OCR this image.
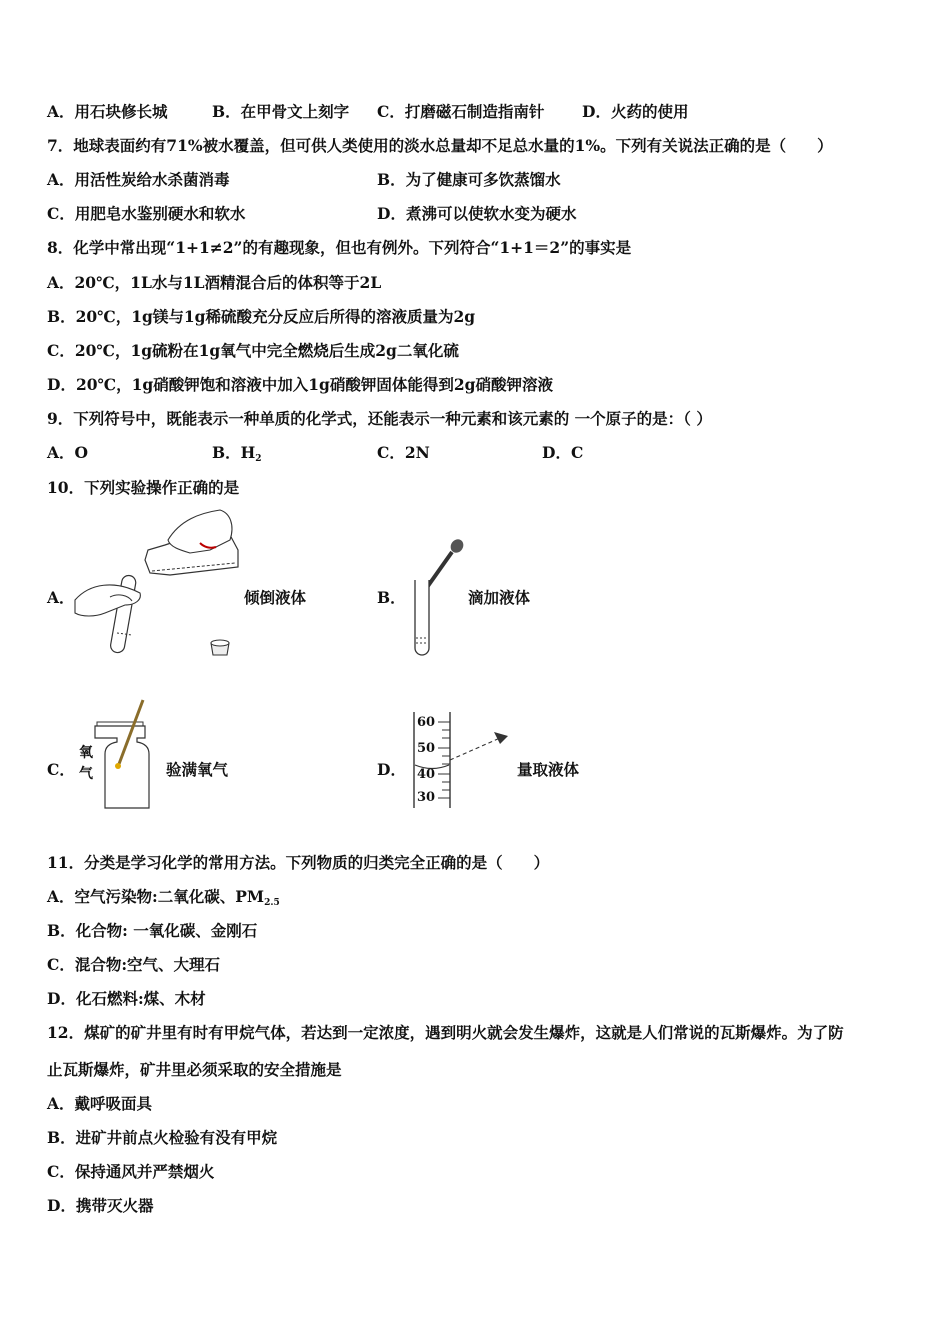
A．用石块修长城	B．在甲骨文上刻字 C．打磨磁石制造指南针 D．火药的使用
7．地球表面约有71%被水覆盖，但可供人类使用的淡水总量却不足总水量的1%。下列有关说法正确的是（　　）
A．用活性炭给水杀菌消毒	B．为了健康可多饮蒸馏水
C．用肥皂水鉴别硬水和软水	D．煮沸可以使软水变为硬水
8．化学中常出现“1+1≠2”的有趣现象，但也有例外。下列符合“1+1＝2”的事实是
A．20℃，1L水与1L酒精混合后的体积等于2L
B．20℃，1g镁与1g稀硫酸充分反应后所得的溶液质量为2g
C．20℃，1g硫粉在1g氧气中完全燃烧后生成2g二氧化硫
D．20℃，1g硝酸钾饱和溶液中加入1g硝酸钾固体能得到2g硝酸钾溶液
9．下列符号中，既能表示一种单质的化学式，还能表示一种元素和该元素的 一个原子的是：（ ）
A．O	B．$H_2$	C．2N	D．C
10．下列实验操作正确的是
A．	倾倒液体	B．	滴加液体
C．
氧
气	验满氧气	D．
60
50
40
30
量取液体
11．分类是学习化学的常用方法。下列物质的归类完全正确的是（　　）
A．空气污染物:二氧化碳、$PM_{2.5}$
B．化合物: 一氧化碳、金刚石
C．混合物:空气、大理石
D．化石燃料:煤、木材
12．煤矿的矿井里有时有甲烷气体，若达到一定浓度，遇到明火就会发生爆炸，这就是人们常说的瓦斯爆炸。为了防
止瓦斯爆炸，矿井里必须采取的安全措施是
A．戴呼吸面具
B．进矿井前点火检验有没有甲烷
C．保持通风并严禁烟火
D．携带灭火器
